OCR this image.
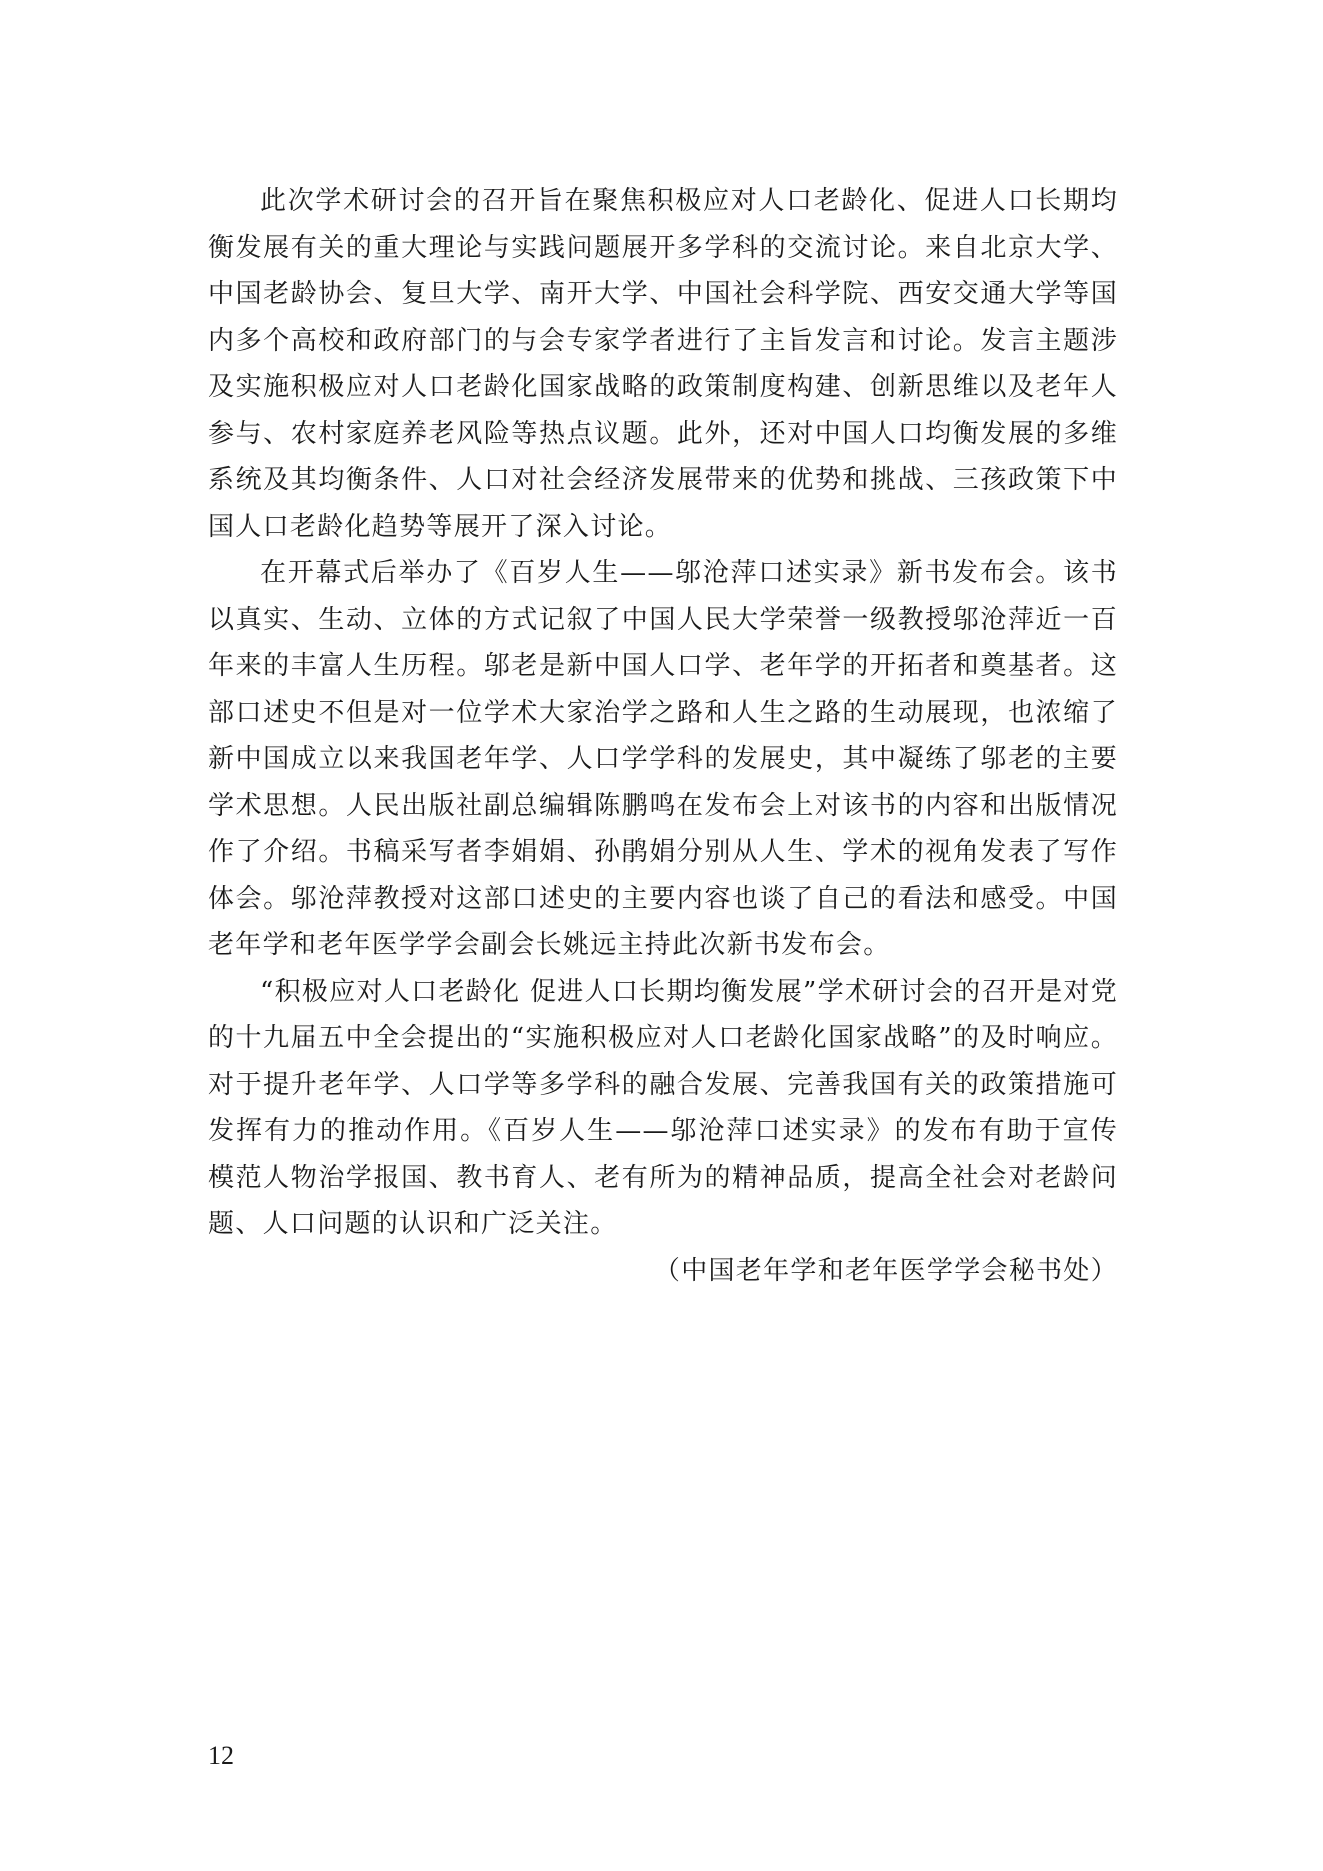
此次学术研讨会的召开旨在聚焦积极应对人口老龄化、促进人口长期均衡发展有关的重大理论与实践问题展开多学科的交流讨论。来自北京大学、中国老龄协会、复旦大学、南开大学、中国社会科学院、西安交通大学等国内多个高校和政府部门的与会专家学者进行了主旨发言和讨论。发言主题涉及实施积极应对人口老龄化国家战略的政策制度构建、创新思维以及老年人参与、农村家庭养老风险等热点议题。此外，还对中国人口均衡发展的多维系统及其均衡条件、人口对社会经济发展带来的优势和挑战、三孩政策下中国人口老龄化趋势等展开了深入讨论。

在开幕式后举办了《百岁人生——邬沧萍口述实录》新书发布会。该书以真实、生动、立体的方式记叙了中国人民大学荣誉一级教授邬沧萍近一百年来的丰富人生历程。邬老是新中国人口学、老年学的开拓者和奠基者。这部口述史不但是对一位学术大家治学之路和人生之路的生动展现，也浓缩了新中国成立以来我国老年学、人口学学科的发展史，其中凝练了邬老的主要学术思想。人民出版社副总编辑陈鹏鸣在发布会上对该书的内容和出版情况作了介绍。书稿采写者李娟娟、孙鹃娟分别从人生、学术的视角发表了写作体会。邬沧萍教授对这部口述史的主要内容也谈了自己的看法和感受。中国老年学和老年医学学会副会长姚远主持此次新书发布会。

“积极应对人口老龄化 促进人口长期均衡发展”学术研讨会的召开是对党的十九届五中全会提出的“实施积极应对人口老龄化国家战略”的及时响应。对于提升老年学、人口学等多学科的融合发展、完善我国有关的政策措施可发挥有力的推动作用。《百岁人生——邬沧萍口述实录》的发布有助于宣传模范人物治学报国、教书育人、老有所为的精神品质，提高全社会对老龄问题、人口问题的认识和广泛关注。

（中国老年学和老年医学学会秘书处）

12
